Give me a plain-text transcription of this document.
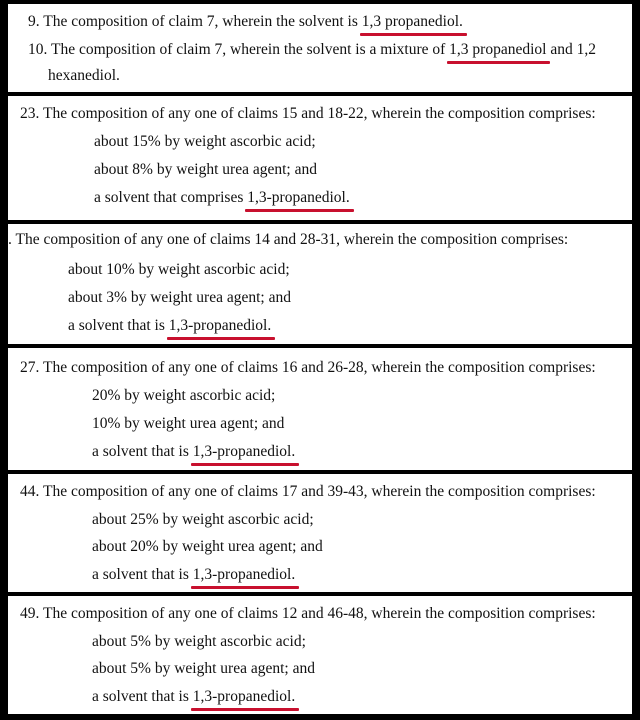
9. The composition of claim 7, wherein the solvent is 1,3 propanediol.
10. The composition of claim 7, wherein the solvent is a mixture of 1,3 propanediol and 1,2
hexanediol.
23. The composition of any one of claims 15 and 18-22, wherein the composition comprises:
about 15% by weight ascorbic acid;
about 8% by weight urea agent; and
a solvent that comprises 1,3-propanediol.
. The composition of any one of claims 14 and 28-31, wherein the composition comprises:
about 10% by weight ascorbic acid;
about 3% by weight urea agent; and
a solvent that is 1,3-propanediol.
27. The composition of any one of claims 16 and 26-28, wherein the composition comprises:
20% by weight ascorbic acid;
10% by weight urea agent; and
a solvent that is 1,3-propanediol.
44. The composition of any one of claims 17 and 39-43, wherein the composition comprises:
about 25% by weight ascorbic acid;
about 20% by weight urea agent; and
a solvent that is 1,3-propanediol.
49. The composition of any one of claims 12 and 46-48, wherein the composition comprises:
about 5% by weight ascorbic acid;
about 5% by weight urea agent; and
a solvent that is 1,3-propanediol.
